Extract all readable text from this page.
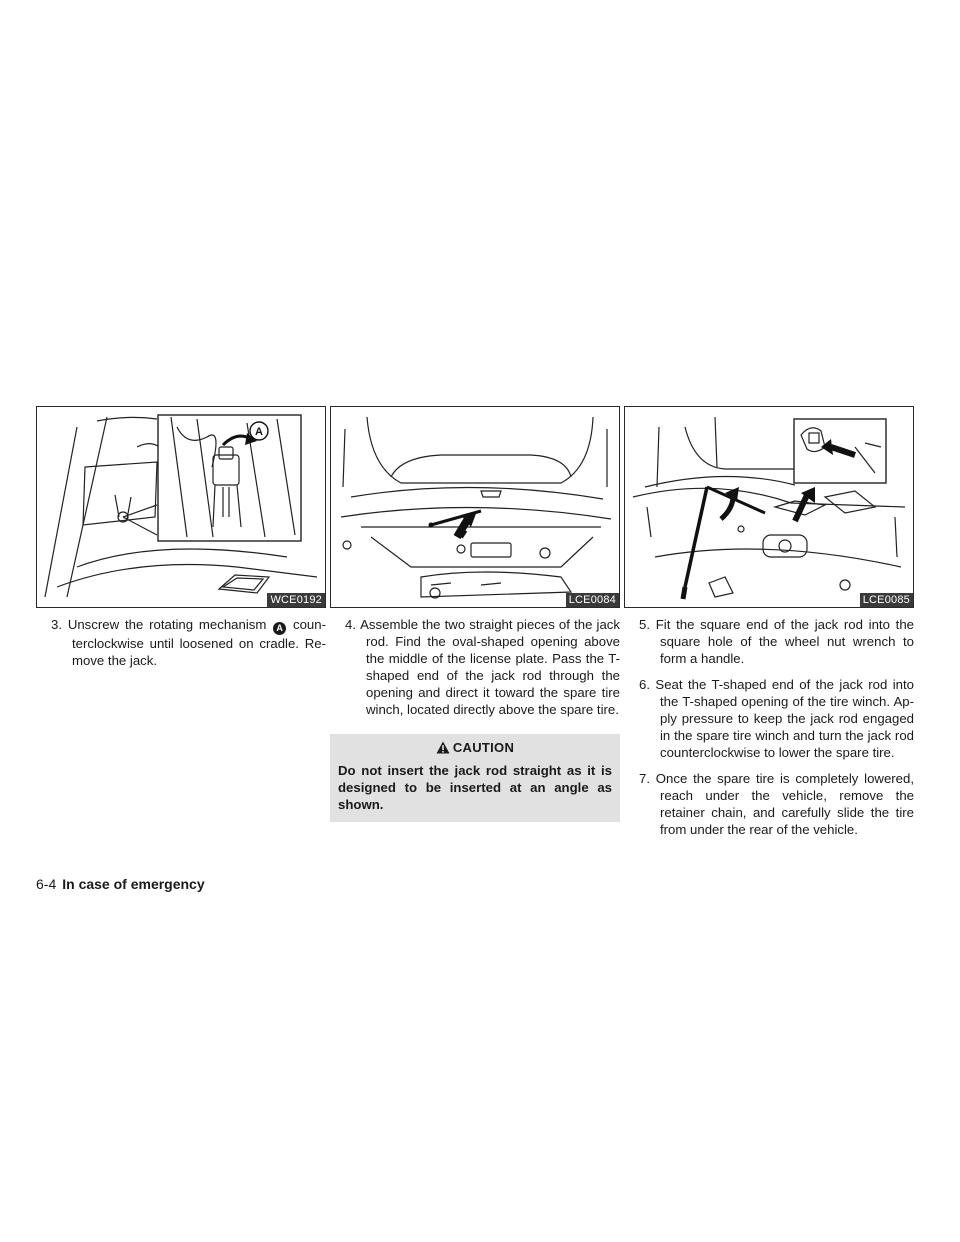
A
WCE0192

3. Unscrew the rotating mechanism A coun-terclockwise until loosened on cradle. Re-move the jack.

LCE0084

4. Assemble the two straight pieces of the jack rod. Find the oval-shaped opening above the middle of the license plate. Pass the T-shaped end of the jack rod through the opening and direct it toward the spare tire winch, located directly above the spare tire.

CAUTION
Do not insert the jack rod straight as it is designed to be inserted at an angle as shown.
LCE0085

5. Fit the square end of the jack rod into the square hole of the wheel nut wrench to form a handle.

6. Seat the T-shaped end of the jack rod into the T-shaped opening of the tire winch. Ap-ply pressure to keep the jack rod engaged in the spare tire winch and turn the jack rod counterclockwise to lower the spare tire.

7. Once the spare tire is completely lowered, reach under the vehicle, remove the retainer chain, and carefully slide the tire from under the rear of the vehicle.

6-4 In case of emergency
